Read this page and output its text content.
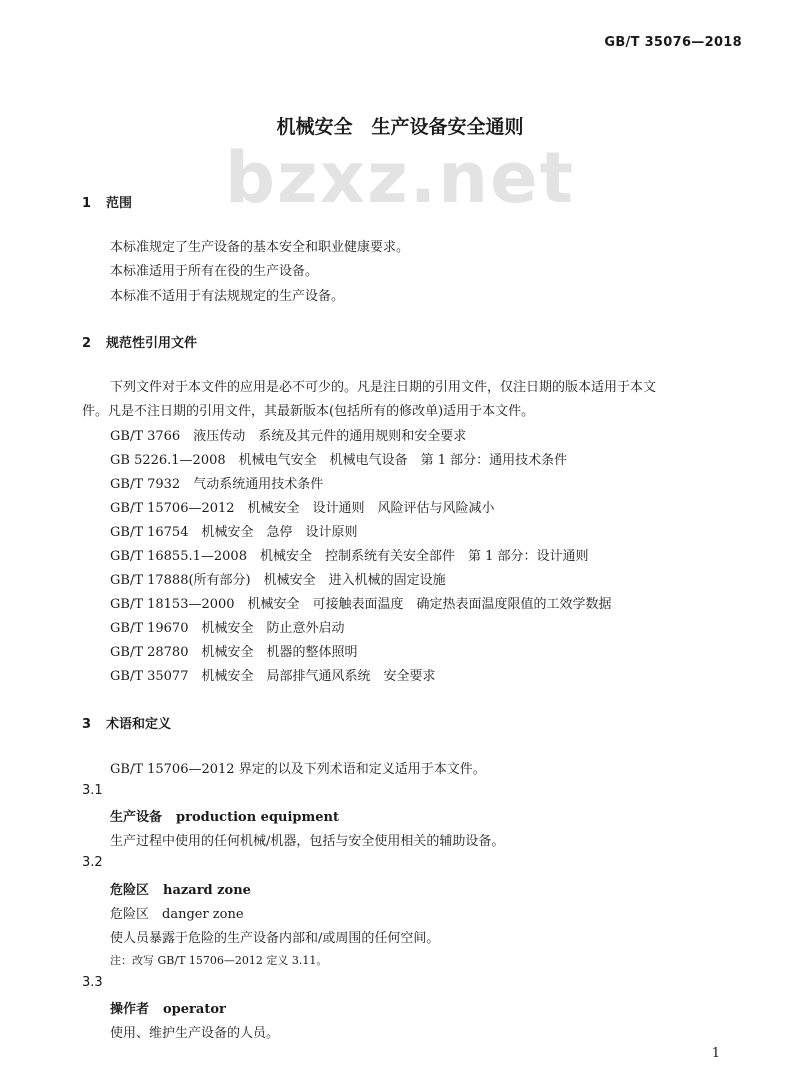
GB/T 35076—2018
bzxz.net
机械安全　生产设备安全通则
1 范围
本标准规定了生产设备的基本安全和职业健康要求。
本标准适用于所有在役的生产设备。
本标准不适用于有法规规定的生产设备。
2 规范性引用文件
下列文件对于本文件的应用是必不可少的。凡是注日期的引用文件，仅注日期的版本适用于本文
件。凡是不注日期的引用文件，其最新版本(包括所有的修改单)适用于本文件。
GB/T 3766　液压传动　系统及其元件的通用规则和安全要求
GB 5226.1—2008　机械电气安全　机械电气设备　第 1 部分：通用技术条件
GB/T 7932　气动系统通用技术条件
GB/T 15706—2012　机械安全　设计通则　风险评估与风险减小
GB/T 16754　机械安全　急停　设计原则
GB/T 16855.1—2008　机械安全　控制系统有关安全部件　第 1 部分：设计通则
GB/T 17888(所有部分)　机械安全　进入机械的固定设施
GB/T 18153—2000　机械安全　可接触表面温度　确定热表面温度限值的工效学数据
GB/T 19670　机械安全　防止意外启动
GB/T 28780　机械安全　机器的整体照明
GB/T 35077　机械安全　局部排气通风系统　安全要求
3 术语和定义
GB/T 15706—2012 界定的以及下列术语和定义适用于本文件。
3.1
生产设备 production equipment
生产过程中使用的任何机械/机器，包括与安全使用相关的辅助设备。
3.2
危险区 hazard zone
危险区　danger zone
使人员暴露于危险的生产设备内部和/或周围的任何空间。
注：改写 GB/T 15706—2012 定义 3.11。
3.3
操作者 operator
使用、维护生产设备的人员。
1
